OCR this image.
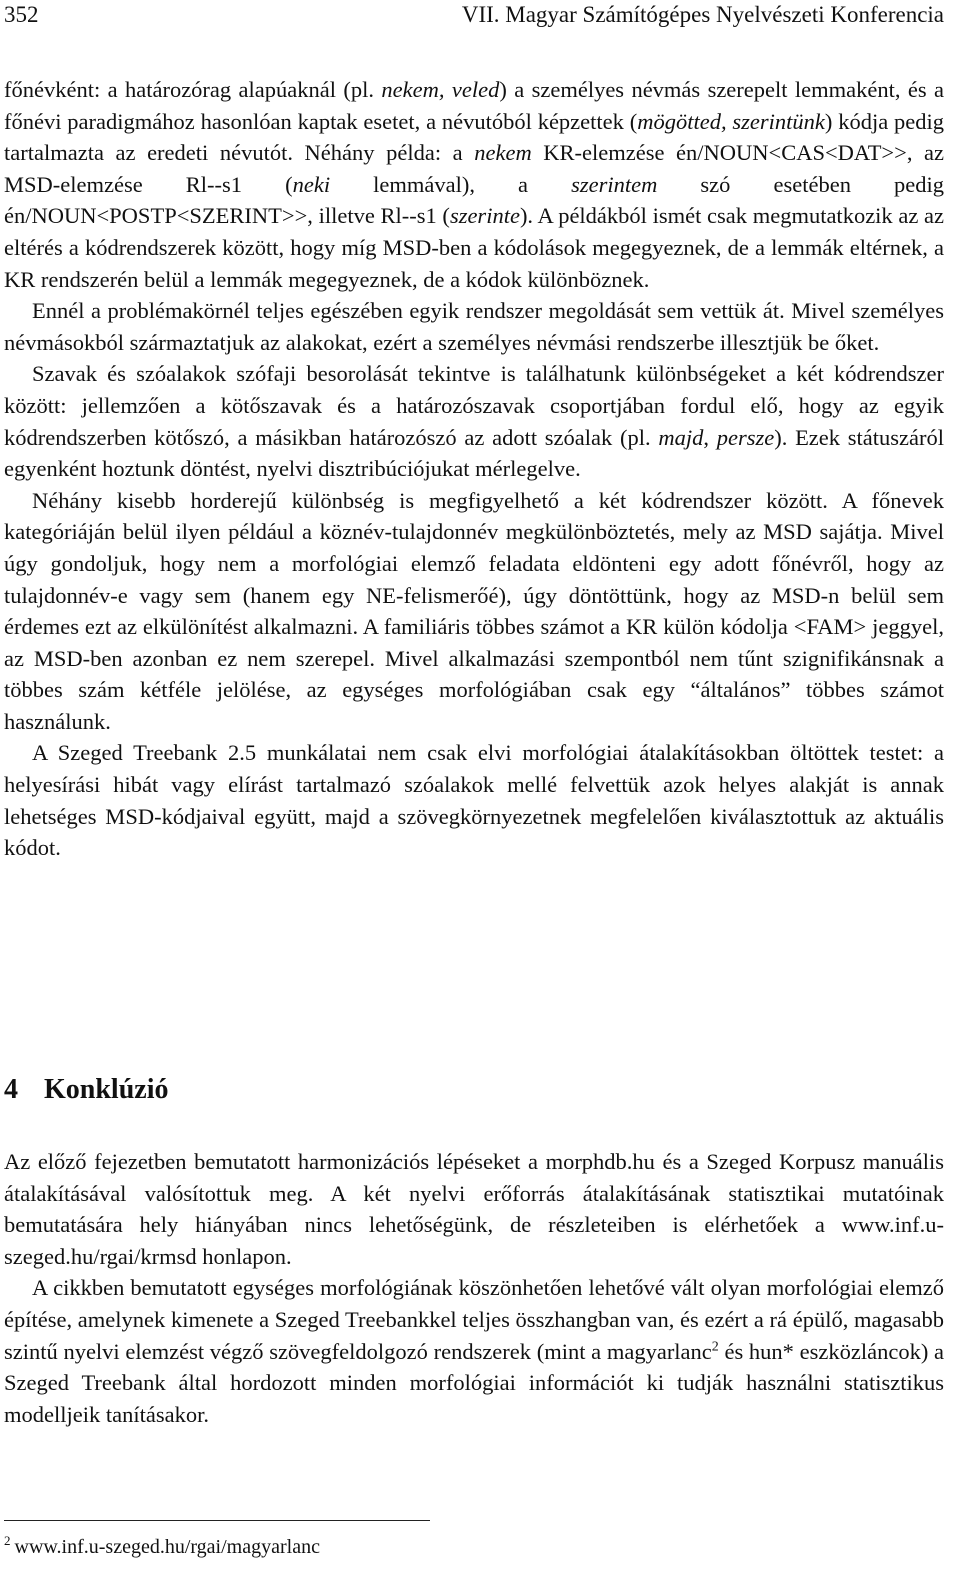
352	VII. Magyar Számítógépes Nyelvészeti Konferencia

főnévként: a határozórag alapúaknál (pl. nekem, veled) a személyes névmás szerepelt lemmaként, és a főnévi paradigmához hasonlóan kaptak esetet, a névutóból képzettek (mögötted, szerintünk) kódja pedig tartalmazta az eredeti névutót. Néhány példa: a nekem KR-elemzése én/NOUN<CAS<DAT>>, az MSD-elemzése Rl--s1 (neki lemmával), a szerintem szó esetében pedig én/NOUN<POSTP<SZERINT>>, illetve Rl--s1 (szerinte). A példákból ismét csak megmutatkozik az az eltérés a kódrendszerek között, hogy míg MSD-ben a kódolások megegyeznek, de a lemmák eltérnek, a KR rendszerén belül a lemmák megegyeznek, de a kódok különböznek.

Ennél a problémakörnél teljes egészében egyik rendszer megoldását sem vettük át. Mivel személyes névmásokból származtatjuk az alakokat, ezért a személyes névmási rendszerbe illesztjük be őket.

Szavak és szóalakok szófaji besorolását tekintve is találhatunk különbségeket a két kódrendszer között: jellemzően a kötőszavak és a határozószavak csoportjában fordul elő, hogy az egyik kódrendszerben kötőszó, a másikban határozószó az adott szóalak (pl. majd, persze). Ezek státuszáról egyenként hoztunk döntést, nyelvi disztribúciójukat mérlegelve.

Néhány kisebb horderejű különbség is megfigyelhető a két kódrendszer között. A főnevek kategóriáján belül ilyen például a köznév-tulajdonnév megkülönböztetés, mely az MSD sajátja. Mivel úgy gondoljuk, hogy nem a morfológiai elemző feladata eldönteni egy adott főnévről, hogy az tulajdonnév-e vagy sem (hanem egy NE-felismerőé), úgy döntöttünk, hogy az MSD-n belül sem érdemes ezt az elkülönítést alkalmazni. A familiáris többes számot a KR külön kódolja <FAM> jeggyel, az MSD-ben azonban ez nem szerepel. Mivel alkalmazási szempontból nem tűnt szignifikánsnak a többes szám kétféle jelölése, az egységes morfológiában csak egy “általános” többes számot használunk.

A Szeged Treebank 2.5 munkálatai nem csak elvi morfológiai átalakításokban öltöttek testet: a helyesírási hibát vagy elírást tartalmazó szóalakok mellé felvettük azok helyes alakját is annak lehetséges MSD-kódjaival együtt, majd a szövegkörnyezetnek megfelelően kiválasztottuk az aktuális kódot.

4 Konklúzió

Az előző fejezetben bemutatott harmonizációs lépéseket a morphdb.hu és a Szeged Korpusz manuális átalakításával valósítottuk meg. A két nyelvi erőforrás átalakításának statisztikai mutatóinak bemutatására hely hiányában nincs lehetőségünk, de részleteiben is elérhetőek a www.inf.u-szeged.hu/rgai/krmsd honlapon.

A cikkben bemutatott egységes morfológiának köszönhetően lehetővé vált olyan morfológiai elemző építése, amelynek kimenete a Szeged Treebankkel teljes összhangban van, és ezért a rá épülő, magasabb szintű nyelvi elemzést végző szövegfeldolgozó rendszerek (mint a magyarlanc$^2$ és hun* eszközláncok) a Szeged Treebank által hordozott minden morfológiai információt ki tudják használni statisztikus modelljeik tanításakor.

$^2$ www.inf.u-szeged.hu/rgai/magyarlanc
